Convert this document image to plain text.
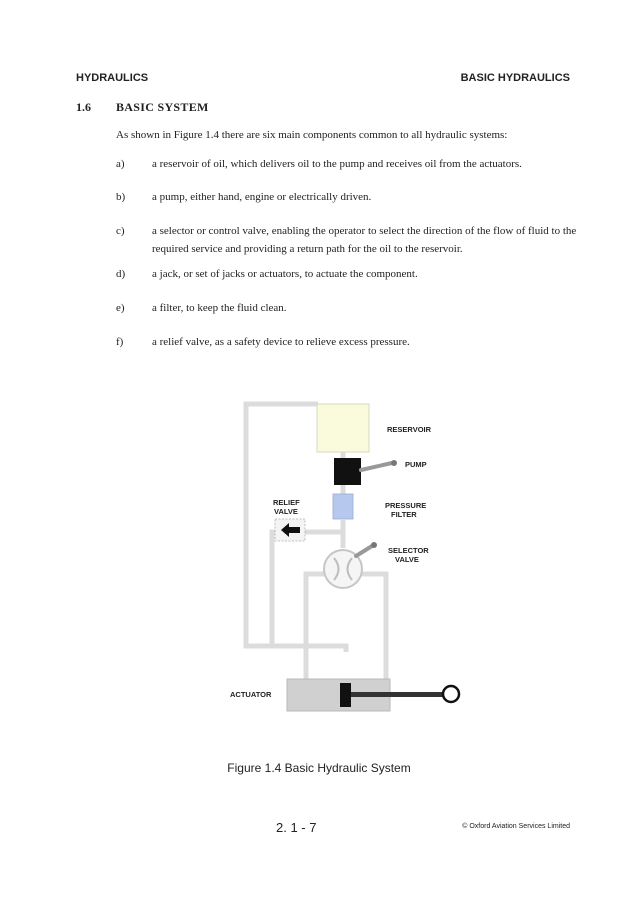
HYDRAULICS	BASIC HYDRAULICS
1.6 BASIC SYSTEM
As shown in Figure 1.4 there are six main components common to all hydraulic systems:
a) a reservoir of oil, which delivers oil to the pump and receives oil from the actuators.
b) a pump, either hand, engine or electrically driven.
c) a selector or control valve, enabling the operator to select the direction of the flow of fluid to the required service and providing a return path for the oil to the reservoir.
d) a jack, or set of jacks or actuators, to actuate the component.
e) a filter, to keep the fluid clean.
f)	a relief valve, as a safety device to relieve excess pressure.
RESERVOIR
PUMP
RELIEF
VALVE
PRESSURE
FILTER
SELECTOR
VALVE
ACTUATOR
Figure 1.4 Basic Hydraulic System
2. 1 - 7	© Oxford Aviation Services Limited
